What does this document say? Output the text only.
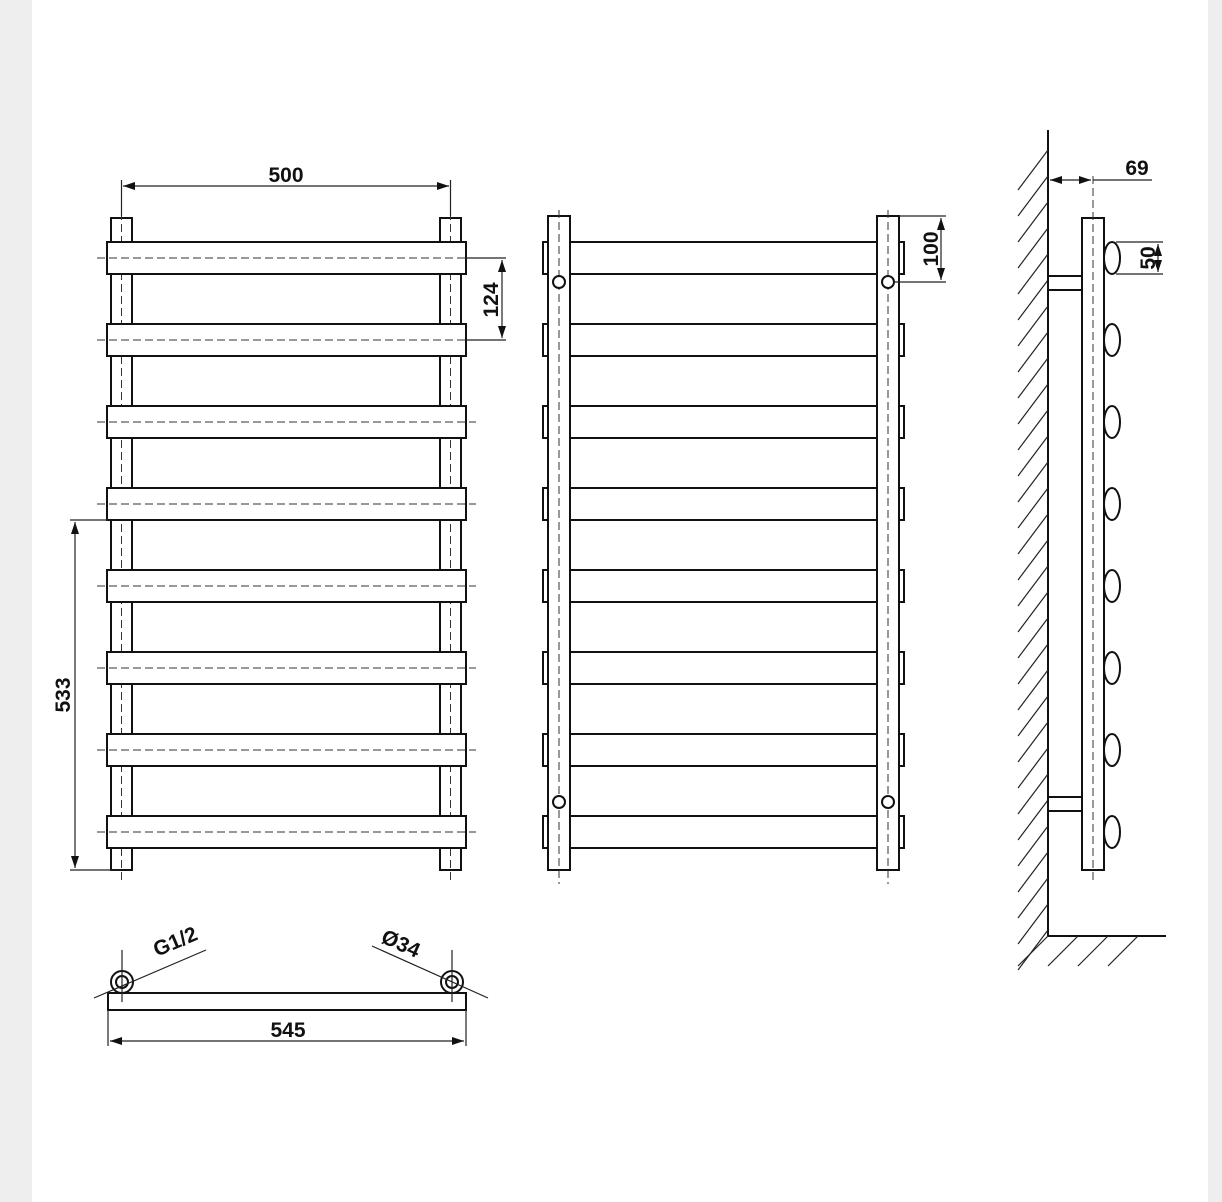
500
124
533
100
69
50
G1/2	Ø34
545
